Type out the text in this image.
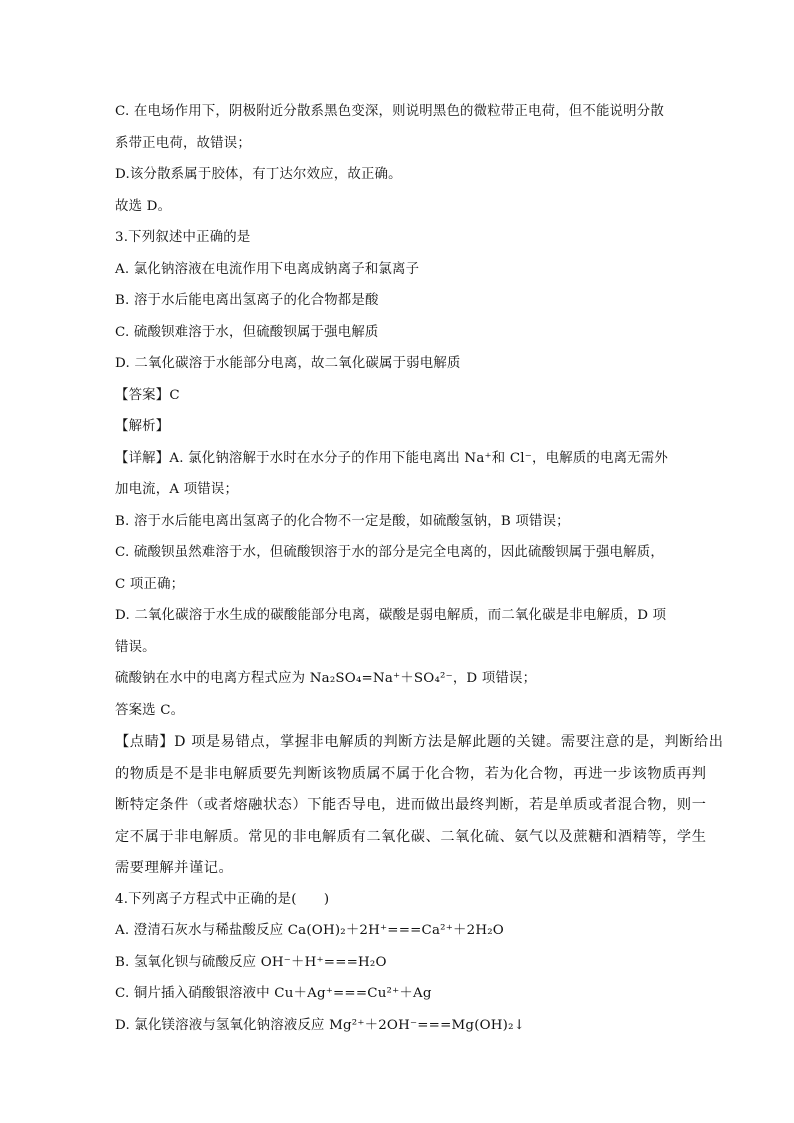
C. 在电场作用下，阴极附近分散系黑色变深，则说明黑色的微粒带正电荷，但不能说明分散
系带正电荷，故错误；
D.该分散系属于胶体，有丁达尔效应，故正确。
故选 D。
3.下列叙述中正确的是
A. 氯化钠溶液在电流作用下电离成钠离子和氯离子
B. 溶于水后能电离出氢离子的化合物都是酸
C. 硫酸钡难溶于水，但硫酸钡属于强电解质
D. 二氧化碳溶于水能部分电离，故二氧化碳属于弱电解质
【答案】C
【解析】
【详解】A. 氯化钠溶解于水时在水分子的作用下能电离出 Na⁺和 Cl⁻，电解质的电离无需外
加电流，A 项错误；
B. 溶于水后能电离出氢离子的化合物不一定是酸，如硫酸氢钠，B 项错误；
C. 硫酸钡虽然难溶于水，但硫酸钡溶于水的部分是完全电离的，因此硫酸钡属于强电解质，
C 项正确；
D. 二氧化碳溶于水生成的碳酸能部分电离，碳酸是弱电解质，而二氧化碳是非电解质，D 项
错误。
硫酸钠在水中的电离方程式应为 Na₂SO₄=Na⁺＋SO₄²⁻，D 项错误；
答案选 C。
【点睛】D 项是易错点，掌握非电解质的判断方法是解此题的关键。需要注意的是，判断给出
的物质是不是非电解质要先判断该物质属不属于化合物，若为化合物，再进一步该物质再判
断特定条件（或者熔融状态）下能否导电，进而做出最终判断，若是单质或者混合物，则一
定不属于非电解质。常见的非电解质有二氧化碳、二氧化硫、氨气以及蔗糖和酒精等，学生
需要理解并谨记。
4.下列离子方程式中正确的是(　　)
A. 澄清石灰水与稀盐酸反应 Ca(OH)₂＋2H⁺===Ca²⁺＋2H₂O
B. 氢氧化钡与硫酸反应 OH⁻＋H⁺===H₂O
C. 铜片插入硝酸银溶液中 Cu＋Ag⁺===Cu²⁺＋Ag
D. 氯化镁溶液与氢氧化钠溶液反应 Mg²⁺＋2OH⁻===Mg(OH)₂↓
